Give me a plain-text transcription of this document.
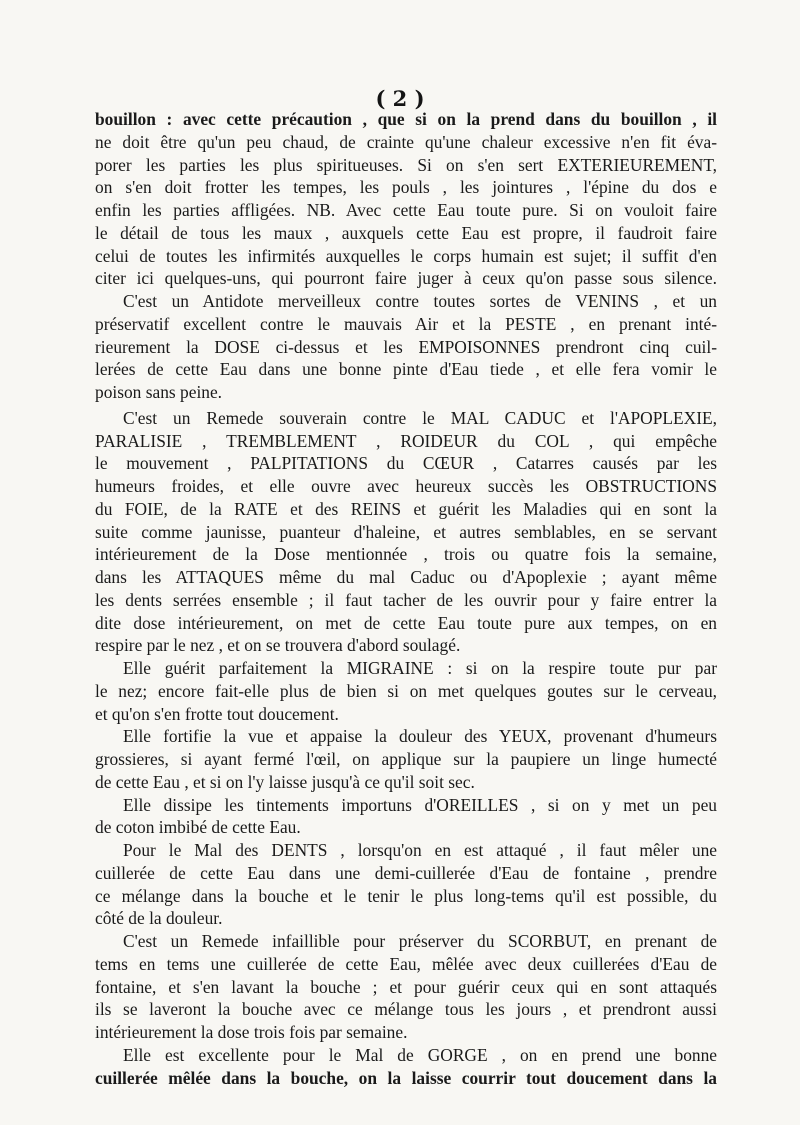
( 2 )
bouillon : avec cette précaution , que si on la prend dans du bouillon , il
ne doit être qu'un peu chaud, de crainte qu'une chaleur excessive n'en fit éva-
porer les parties les plus spiritueuses. Si on s'en sert EXTERIEUREMENT,
on s'en doit frotter les tempes, les pouls , les jointures , l'épine du dos e
enfin les parties affligées. NB. Avec cette Eau toute pure. Si on vouloit faire
le détail de tous les maux , auxquels cette Eau est propre, il faudroit faire
celui de toutes les infirmités auxquelles le corps humain est sujet; il suffit d'en
citer ici quelques-uns, qui pourront faire juger à ceux qu'on passe sous silence.
C'est un Antidote merveilleux contre toutes sortes de VENINS , et un
préservatif excellent contre le mauvais Air et la PESTE , en prenant inté-
rieurement la DOSE ci-dessus et les EMPOISONNES prendront cinq cuil-
lerées de cette Eau dans une bonne pinte d'Eau tiede , et elle fera vomir le
poison sans peine.
C'est un Remede souverain contre le MAL CADUC et l'APOPLEXIE,
PARALISIE , TREMBLEMENT , ROIDEUR du COL , qui empêche
le mouvement , PALPITATIONS du CŒUR , Catarres causés par les
humeurs froides, et elle ouvre avec heureux succès les OBSTRUCTIONS
du FOIE, de la RATE et des REINS et guérit les Maladies qui en sont la
suite comme jaunisse, puanteur d'haleine, et autres semblables, en se servant
intérieurement de la Dose mentionnée , trois ou quatre fois la semaine,
dans les ATTAQUES même du mal Caduc ou d'Apoplexie ; ayant même
les dents serrées ensemble ; il faut tacher de les ouvrir pour y faire entrer la
dite dose intérieurement, on met de cette Eau toute pure aux tempes, on en
respire par le nez , et on se trouvera d'abord soulagé.
Elle guérit parfaitement la MIGRAINE : si on la respire toute pur par
le nez; encore fait-elle plus de bien si on met quelques goutes sur le cerveau,
et qu'on s'en frotte tout doucement.
Elle fortifie la vue et appaise la douleur des YEUX, provenant d'humeurs
grossieres, si ayant fermé l'œil, on applique sur la paupiere un linge humecté
de cette Eau , et si on l'y laisse jusqu'à ce qu'il soit sec.
Elle dissipe les tintements importuns d'OREILLES , si on y met un peu
de coton imbibé de cette Eau.
Pour le Mal des DENTS , lorsqu'on en est attaqué , il faut mêler une
cuillerée de cette Eau dans une demi-cuillerée d'Eau de fontaine , prendre
ce mélange dans la bouche et le tenir le plus long-tems qu'il est possible, du
côté de la douleur.
C'est un Remede infaillible pour préserver du SCORBUT, en prenant de
tems en tems une cuillerée de cette Eau, mêlée avec deux cuillerées d'Eau de
fontaine, et s'en lavant la bouche ; et pour guérir ceux qui en sont attaqués
ils se laveront la bouche avec ce mélange tous les jours , et prendront aussi
intérieurement la dose trois fois par semaine.
Elle est excellente pour le Mal de GORGE , on en prend une bonne
cuillerée mêlée dans la bouche, on la laisse courrir tout doucement dans la
